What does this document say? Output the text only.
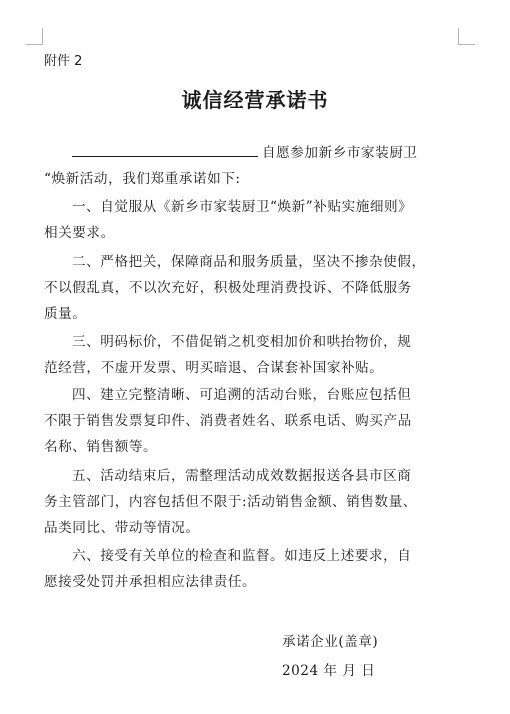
附件 2
诚信经营承诺书
自愿参加新乡市家装厨卫
“焕新活动，我们郑重承诺如下:
一、自觉服从《新乡市家装厨卫“焕新”补贴实施细则》
相关要求。
二、严格把关，保障商品和服务质量，坚决不掺杂使假，
不以假乱真，不以次充好，积极处理消费投诉、不降低服务
质量。
三、明码标价，不借促销之机变相加价和哄抬物价，规
范经营，不虚开发票、明买暗退、合谋套补国家补贴。
四、建立完整清晰、可追溯的活动台账，台账应包括但
不限于销售发票复印件、消费者姓名、联系电话、购买产品
名称、销售额等。
五、活动结束后，需整理活动成效数据报送各县市区商
务主管部门，内容包括但不限于:活动销售金额、销售数量、
品类同比、带动等情况。
六、接受有关单位的检查和监督。如违反上述要求，自
愿接受处罚并承担相应法律责任。
承诺企业(盖章)
2024 年 月 日
